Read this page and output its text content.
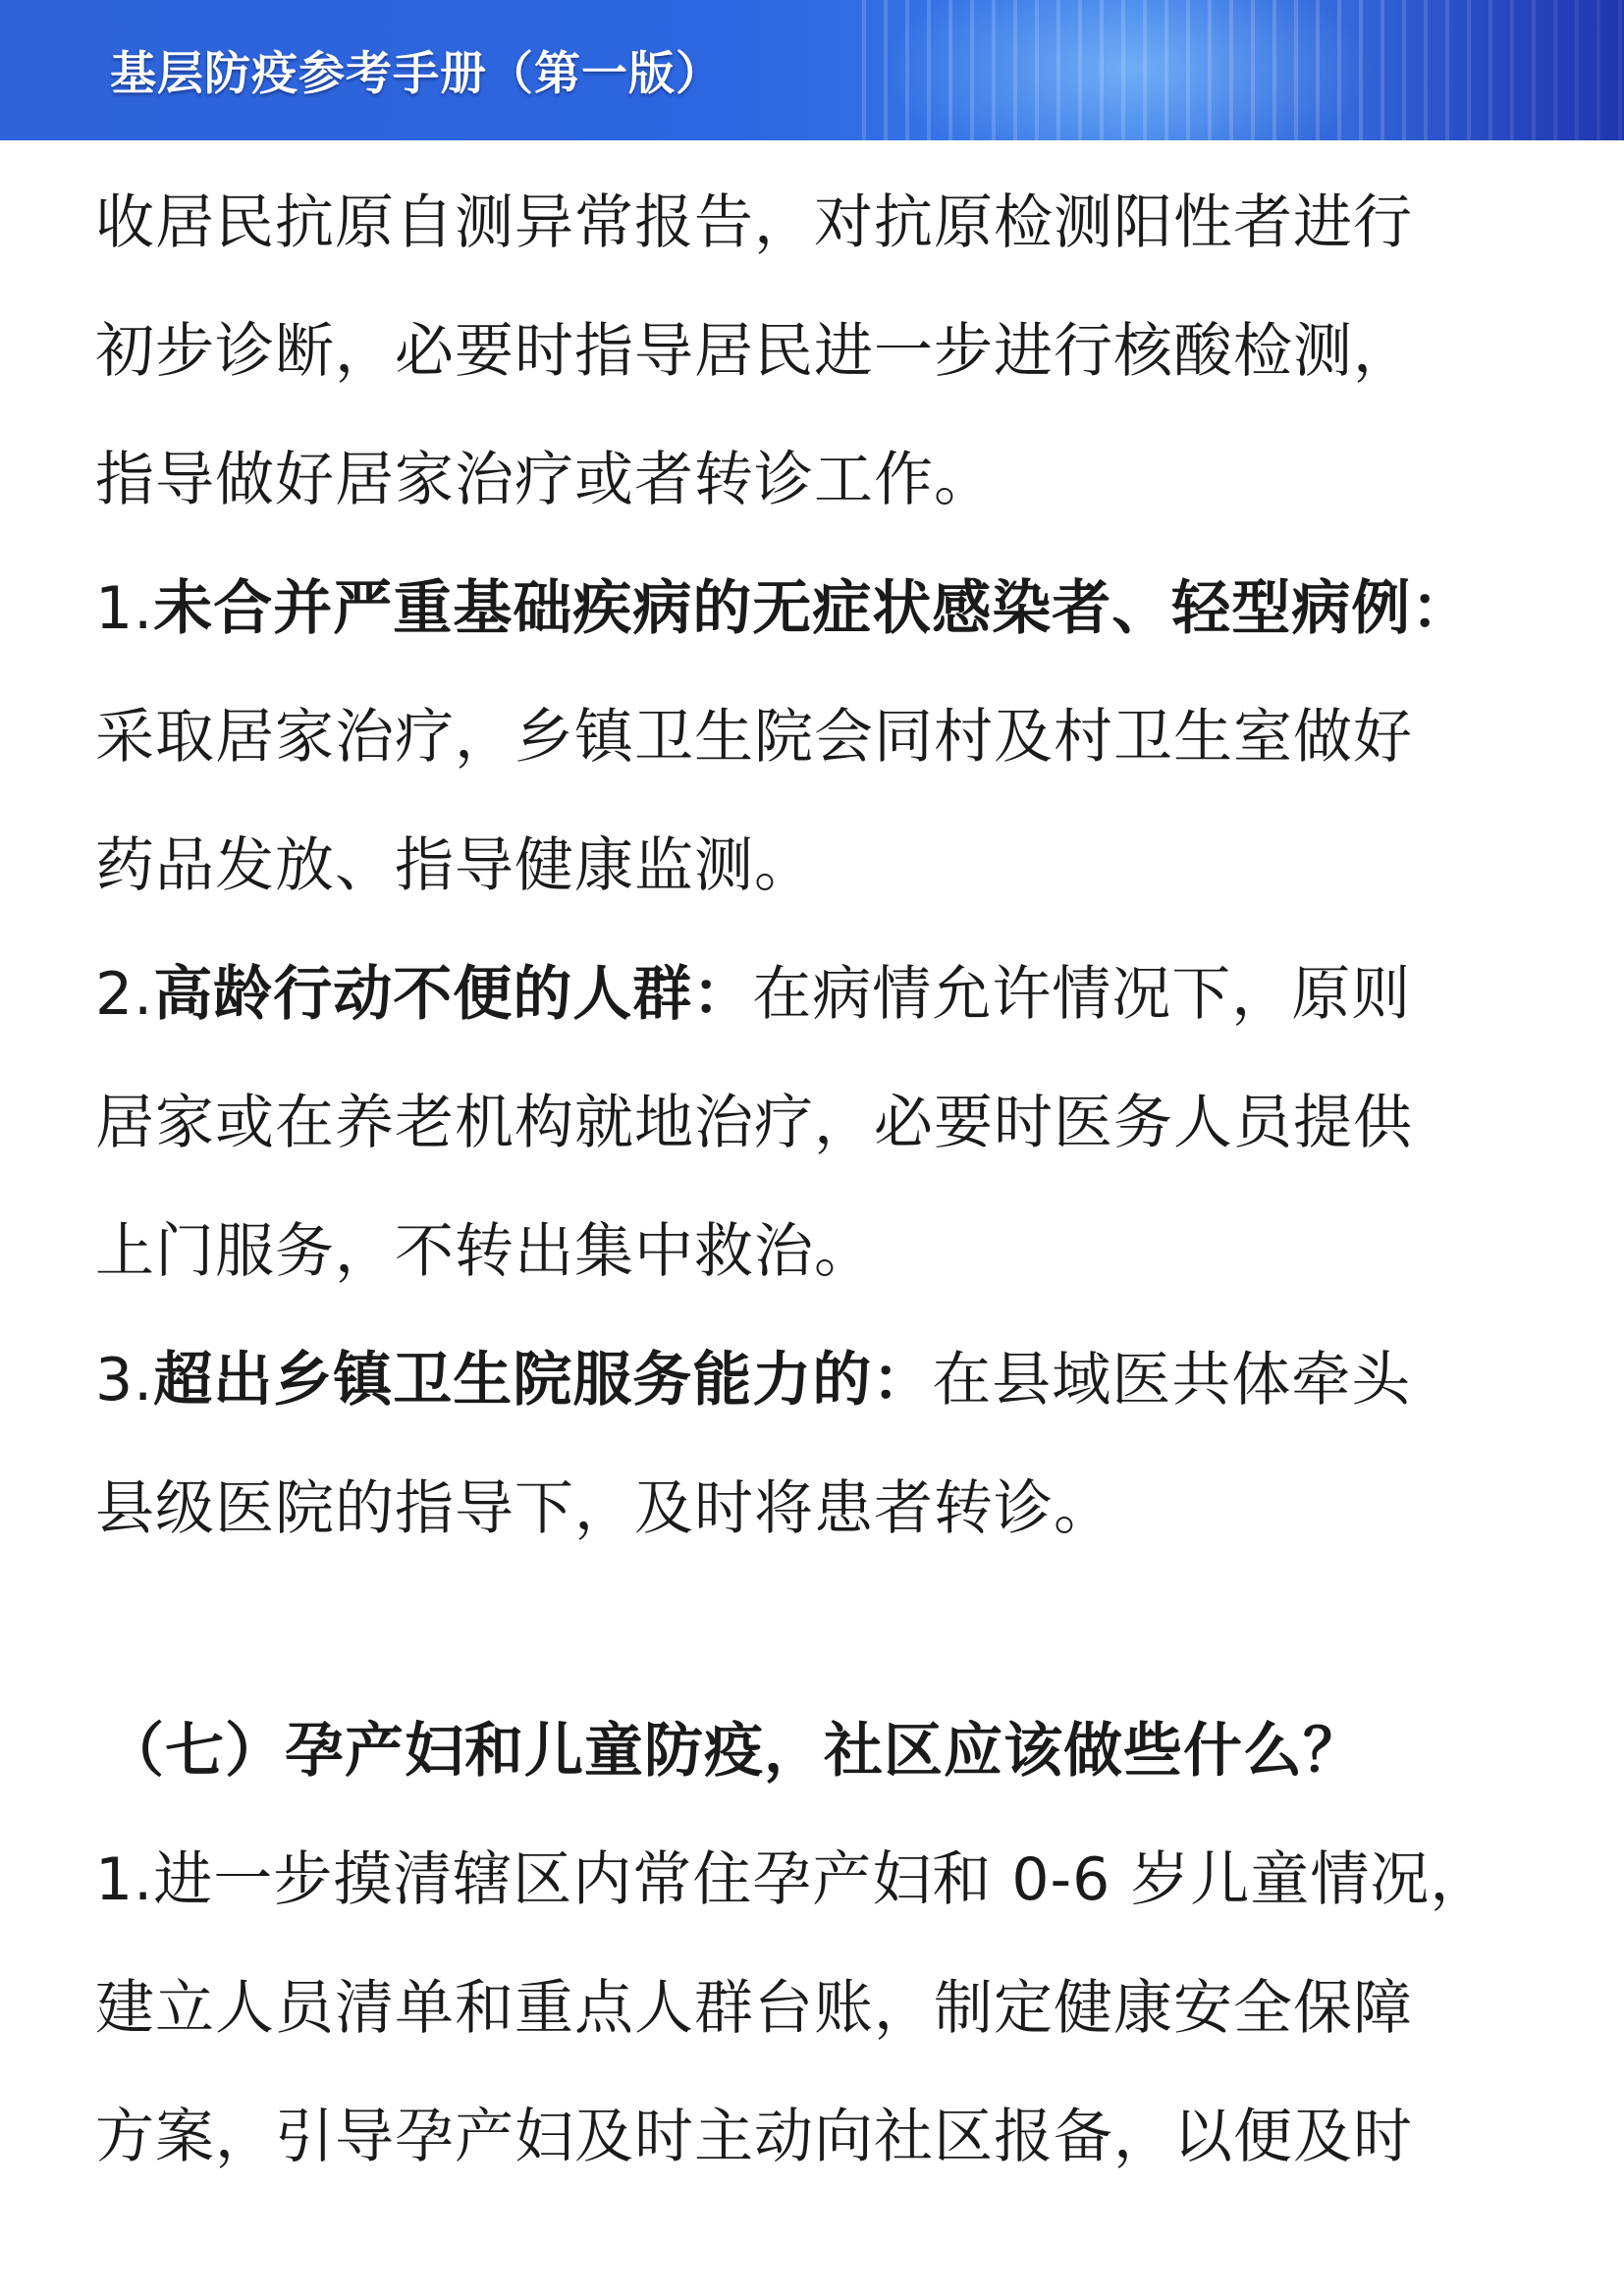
基层防疫参考手册（第一版）
收居民抗原自测异常报告，对抗原检测阳性者进行
初步诊断，必要时指导居民进一步进行核酸检测，
指导做好居家治疗或者转诊工作。
1.未合并严重基础疾病的无症状感染者、轻型病例：
采取居家治疗，乡镇卫生院会同村及村卫生室做好
药品发放、指导健康监测。
2.高龄行动不便的人群：在病情允许情况下，原则
居家或在养老机构就地治疗，必要时医务人员提供
上门服务，不转出集中救治。
3.超出乡镇卫生院服务能力的：在县域医共体牵头
县级医院的指导下，及时将患者转诊。
（七）孕产妇和儿童防疫，社区应该做些什么？
1.进一步摸清辖区内常住孕产妇和 0-6 岁儿童情况，
建立人员清单和重点人群台账，制定健康安全保障
方案，引导孕产妇及时主动向社区报备，以便及时
